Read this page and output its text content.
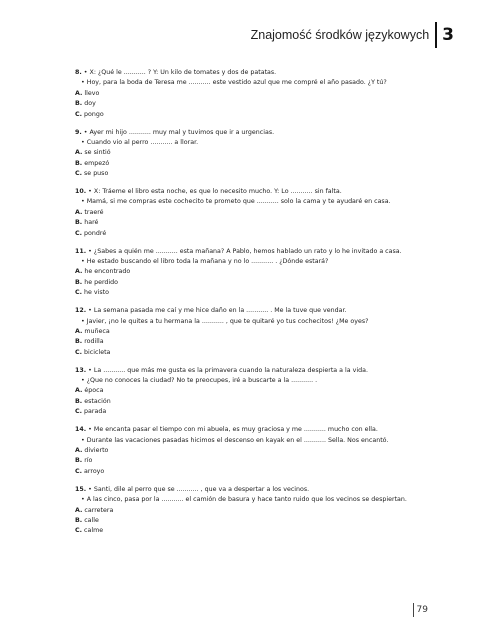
Znajomość środków językowych 3
8. • X: ¿Qué le ........... ? Y: Un kilo de tomates y dos de patatas.
• Hoy, para la boda de Teresa me ........... este vestido azul que me compré el año pasado. ¿Y tú?
A. llevo
B. doy
C. pongo
9. • Ayer mi hijo ........... muy mal y tuvimos que ir a urgencias.
• Cuando vio al perro ........... a llorar.
A. se sintió
B. empezó
C. se puso
10. • X: Tráeme el libro esta noche, es que lo necesito mucho. Y: Lo ........... sin falta.
• Mamá, si me compras este cochecito te prometo que ........... solo la cama y te ayudaré en casa.
A. traeré
B. haré
C. pondré
11. • ¿Sabes a quién me ........... esta mañana? A Pablo, hemos hablado un rato y lo he invitado a casa.
• He estado buscando el libro toda la mañana y no lo ........... . ¿Dónde estará?
A. he encontrado
B. he perdido
C. he visto
12. • La semana pasada me caí y me hice daño en la ........... . Me la tuve que vendar.
• Javier, ¡no le quites a tu hermana la ........... , que te quitaré yo tus cochecitos! ¿Me oyes?
A. muñeca
B. rodilla
C. bicicleta
13. • La ........... que más me gusta es la primavera cuando la naturaleza despierta a la vida.
• ¿Que no conoces la ciudad? No te preocupes, iré a buscarte a la ........... .
A. época
B. estación
C. parada
14. • Me encanta pasar el tiempo con mi abuela, es muy graciosa y me ........... mucho con ella.
• Durante las vacaciones pasadas hicimos el descenso en kayak en el ........... Sella. Nos encantó.
A. divierto
B. río
C. arroyo
15. • Santi, dile al perro que se ........... , que va a despertar a los vecinos.
• A las cinco, pasa por la ........... el camión de basura y hace tanto ruido que los vecinos se despiertan.
A. carretera
B. calle
C. calme
79
